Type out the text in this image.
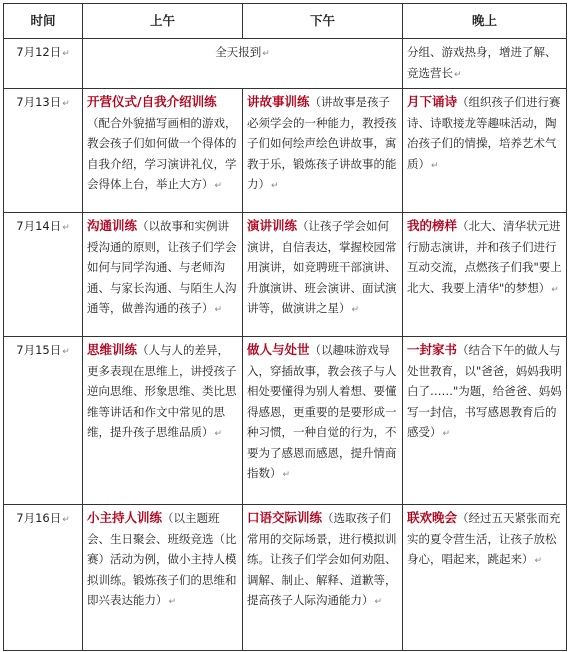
时间	上午	下午	晚上
7月12日↵	全天报到↵		分组、游戏热身，增进了解、竞选营长↵
7月13日↵	开营仪式/自我介绍训练（配合外貌描写画相的游戏，教会孩子们如何做一个得体的自我介绍，学习演讲礼仪，学会得体上台，举止大方）↵	讲故事训练（讲故事是孩子必须学会的一种能力，教授孩子们如何绘声绘色讲故事，寓教于乐，锻炼孩子讲故事的能力）↵	月下诵诗（组织孩子们进行赛诗、诗歌接龙等趣味活动，陶冶孩子们的情操，培养艺术气质）↵
7月14日↵	沟通训练（以故事和实例讲授沟通的原则，让孩子们学会如何与同学沟通、与老师沟通、与家长沟通、与陌生人沟通等，做善沟通的孩子）↵	演讲训练（让孩子学会如何演讲，自信表达，掌握校园常用演讲，如竞聘班干部演讲、升旗演讲、班会演讲、面试演讲等，做演讲之星）↵	我的榜样（北大、清华状元进行励志演讲，并和孩子们进行互动交流，点燃孩子们我"要上北大、我要上清华"的梦想）↵
7月15日↵	思维训练（人与人的差异，更多表现在思维上，讲授孩子逆向思维、形象思维、类比思维等讲话和作文中常见的思维，提升孩子思维品质）↵	做人与处世（以趣味游戏导入，穿插故事，教会孩子与人相处要懂得为别人着想、要懂得感恩，更重要的是要形成一种习惯，一种自觉的行为，不要为了感恩而感恩，提升情商指数）↵	一封家书（结合下午的做人与处世教育，以"爸爸，妈妈我明白了……"为题，给爸爸、妈妈写一封信，书写感恩教育后的感受）↵
7月16日↵	小主持人训练（以主题班会、生日聚会、班级竞选（比赛）活动为例，做小主持人模拟训练。锻炼孩子们的思维和即兴表达能力）↵	口语交际训练（选取孩子们常用的交际场景，进行模拟训练。让孩子们学会如何劝阻、调解、制止、解释、道歉等，提高孩子人际沟通能力）↵	联欢晚会（经过五天紧张而充实的夏令营生活，让孩子放松身心，唱起来，跳起来）↵
